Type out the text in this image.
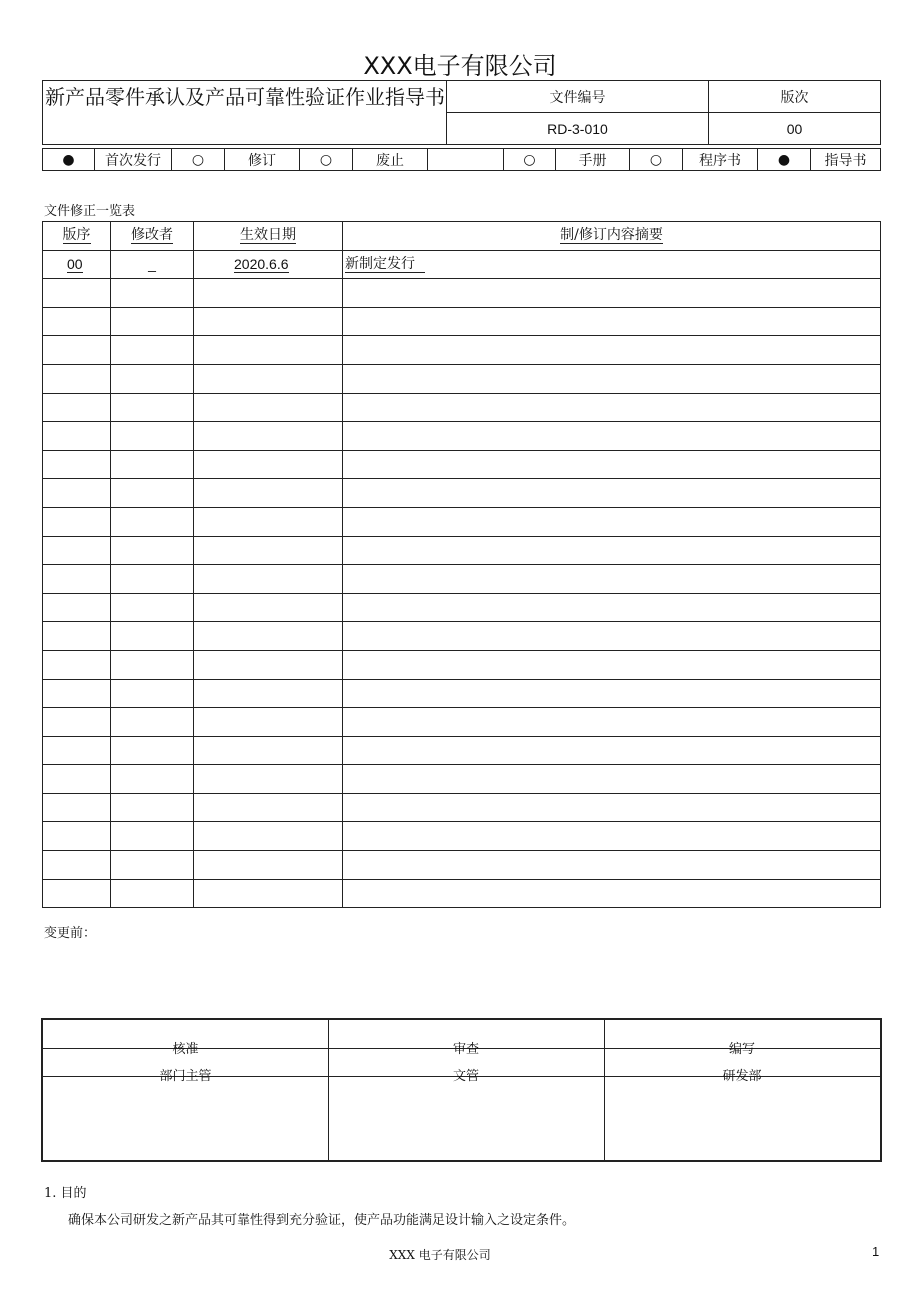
XXX电子有限公司
新产品零件承认及产品可靠性验证作业指导书	文件编号	版次
	RD-3-010	00
●	首次发行	○	修订	○	废止		○	手册	○	程序书	●	指导书
文件修正一览表
版序	修改者	生效日期	制/修订内容摘要
00	_	2020.6.6	新制定发行

变更前：
核准	审查	编写
部门主管	文管	研发部
1. 目的
确保本公司研发之新产品其可靠性得到充分验证，使产品功能满足设计输入之设定条件。
XXX 电子有限公司	1
